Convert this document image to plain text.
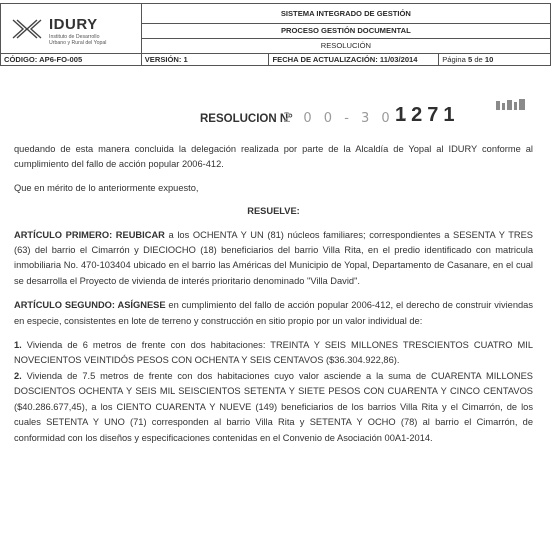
IDURY
Instituto de Desarrollo
Urbano y Rural del Yopal	SISTEMA INTEGRADO DE GESTIÓN		
	PROCESO GESTIÓN DOCUMENTAL		
	RESOLUCIÓN		
CÓDIGO: AP6-FO-005	VERSIÓN: 1	FECHA DE ACTUALIZACIÓN: 11/03/2014	Página 5 de 10
RESOLUCION N°
2 0 0 - 3 0 -
1271

quedando de esta manera concluida la delegación realizada por parte de la Alcaldía de Yopal al IDURY conforme al cumplimiento del fallo de acción popular 2006-412.

Que en mérito de lo anteriormente expuesto,

RESUELVE:

ARTÍCULO PRIMERO: REUBICAR a los OCHENTA Y UN (81) núcleos familiares; correspondientes a SESENTA Y TRES (63) del barrio el Cimarrón y DIECIOCHO (18) beneficiarios del barrio Villa Rita, en el predio identificado con matricula inmobiliaria No. 470-103404 ubicado en el barrio las Américas del Municipio de Yopal, Departamento de Casanare, en el cual se desarrolla el Proyecto de vivienda de interés prioritario denominado "Villa David".

ARTÍCULO SEGUNDO: ASÍGNESE en cumplimiento del fallo de acción popular 2006-412, el derecho de construir viviendas en especie, consistentes en lote de terreno y construcción en sitio propio por un valor individual de:

1. Vivienda de 6 metros de frente con dos habitaciones: TREINTA Y SEIS MILLONES TRESCIENTOS CUATRO MIL NOVECIENTOS VEINTIDÓS PESOS CON OCHENTA Y SEIS CENTAVOS ($36.304.922,86).

2. Vivienda de 7.5 metros de frente con dos habitaciones cuyo valor asciende a la suma de CUARENTA MILLONES DOSCIENTOS OCHENTA Y SEIS MIL SEISCIENTOS SETENTA Y SIETE PESOS CON CUARENTA Y CINCO CENTAVOS ($40.286.677,45), a los CIENTO CUARENTA Y NUEVE (149) beneficiarios de los barrios Villa Rita y el Cimarrón, de los cuales SETENTA Y UNO (71) corresponden al barrio Villa Rita y SETENTA Y OCHO (78) al barrio el Cimarrón, de conformidad con los diseños y especificaciones contenidas en el Convenio de Asociación 00A1-2014.
